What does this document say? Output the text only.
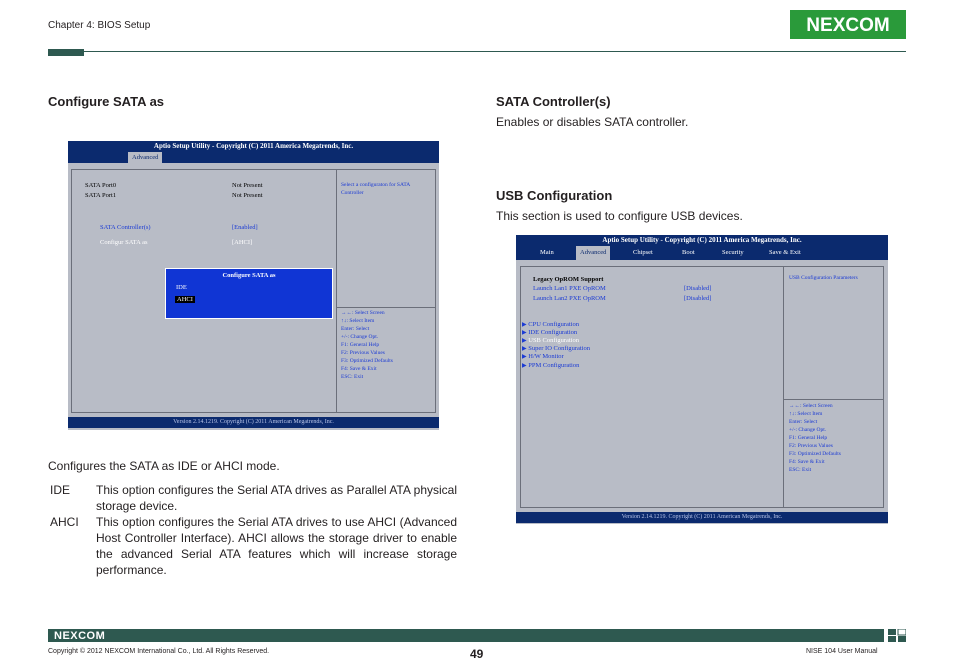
Chapter 4: BIOS Setup	NEXCOM
Configure SATA as
Aptio Setup Utility - Copyright (C) 2011 America Megatrends, Inc.
Advanced
SATA Port0	Not Present
SATA Port1	Not Present
SATA Controller(s)	[Enabled]
Configur SATA as	[AHCI]
Select a configuraton for SATA Controller
Configure SATA as
IDE
AHCI
→←: Select Screen
↑↓: Select Item
Enter: Select
+/-: Change Opt.
F1: General Help
F2: Previous Values
F3: Optimized Defaults
F4: Save & Exit
ESC: Exit
Version 2.14.1219. Copyright (C) 2011 American Megatrends, Inc.
Configures the SATA as IDE or AHCI mode.
IDE This option configures the Serial ATA drives as Parallel ATA physical storage device.
AHCI This option configures the Serial ATA drives to use AHCI (Advanced Host Controller Interface). AHCI allows the storage driver to enable the advanced Serial ATA features which will increase storage performance.
SATA Controller(s)
Enables or disables SATA controller.
USB Configuration
This section is used to configure USB devices.
Aptio Setup Utility - Copyright (C) 2011 America Megatrends, Inc.
Main	Advanced	Chipset	Boot	Security	Save & Exit
Legacy OpROM Support
Launch Lan1 PXE OpROM	[Disabled]
Launch Lan2 PXE OpROM	[Disabled]
▶ CPU Configuration
▶ IDE Configuration
▶ USB Configuration
▶ Super IO Configuration
▶ H/W Monitor
▶ PPM Configuration
USB Configuration Parameters
→←: Select Screen
↑↓: Select Item
Enter: Select
+/-: Change Opt.
F1: General Help
F2: Previous Values
F3: Optimized Defaults
F4: Save & Exit
ESC: Exit
Version 2.14.1219. Copyright (C) 2011 American Megatrends, Inc.
NEXCOM
Copyright © 2012 NEXCOM International Co., Ltd. All Rights Reserved.	49	NISE 104 User Manual
